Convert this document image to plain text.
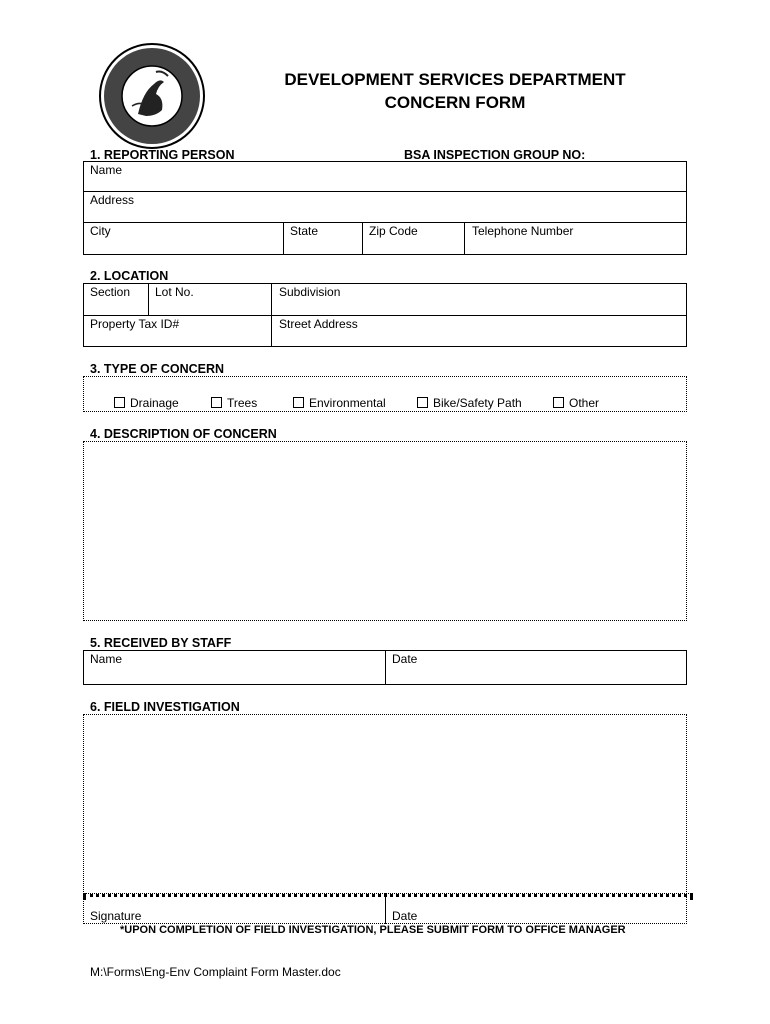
DEVELOPMENT SERVICES DEPARTMENT
CONCERN FORM
1. REPORTING PERSON	BSA INSPECTION GROUP NO:
Name
Address
City	State	Zip Code	Telephone Number
2. LOCATION
Section Lot No.	Subdivision
Property Tax ID#	Street Address
3. TYPE OF CONCERN
Drainage	Trees	Environmental	Bike/Safety Path	Other
4. DESCRIPTION OF CONCERN
5. RECEIVED BY STAFF
Name	Date
6. FIELD INVESTIGATION
Signature	Date
*UPON COMPLETION OF FIELD INVESTIGATION, PLEASE SUBMIT FORM TO OFFICE MANAGER
M:\Forms\Eng-Env Complaint Form Master.doc
